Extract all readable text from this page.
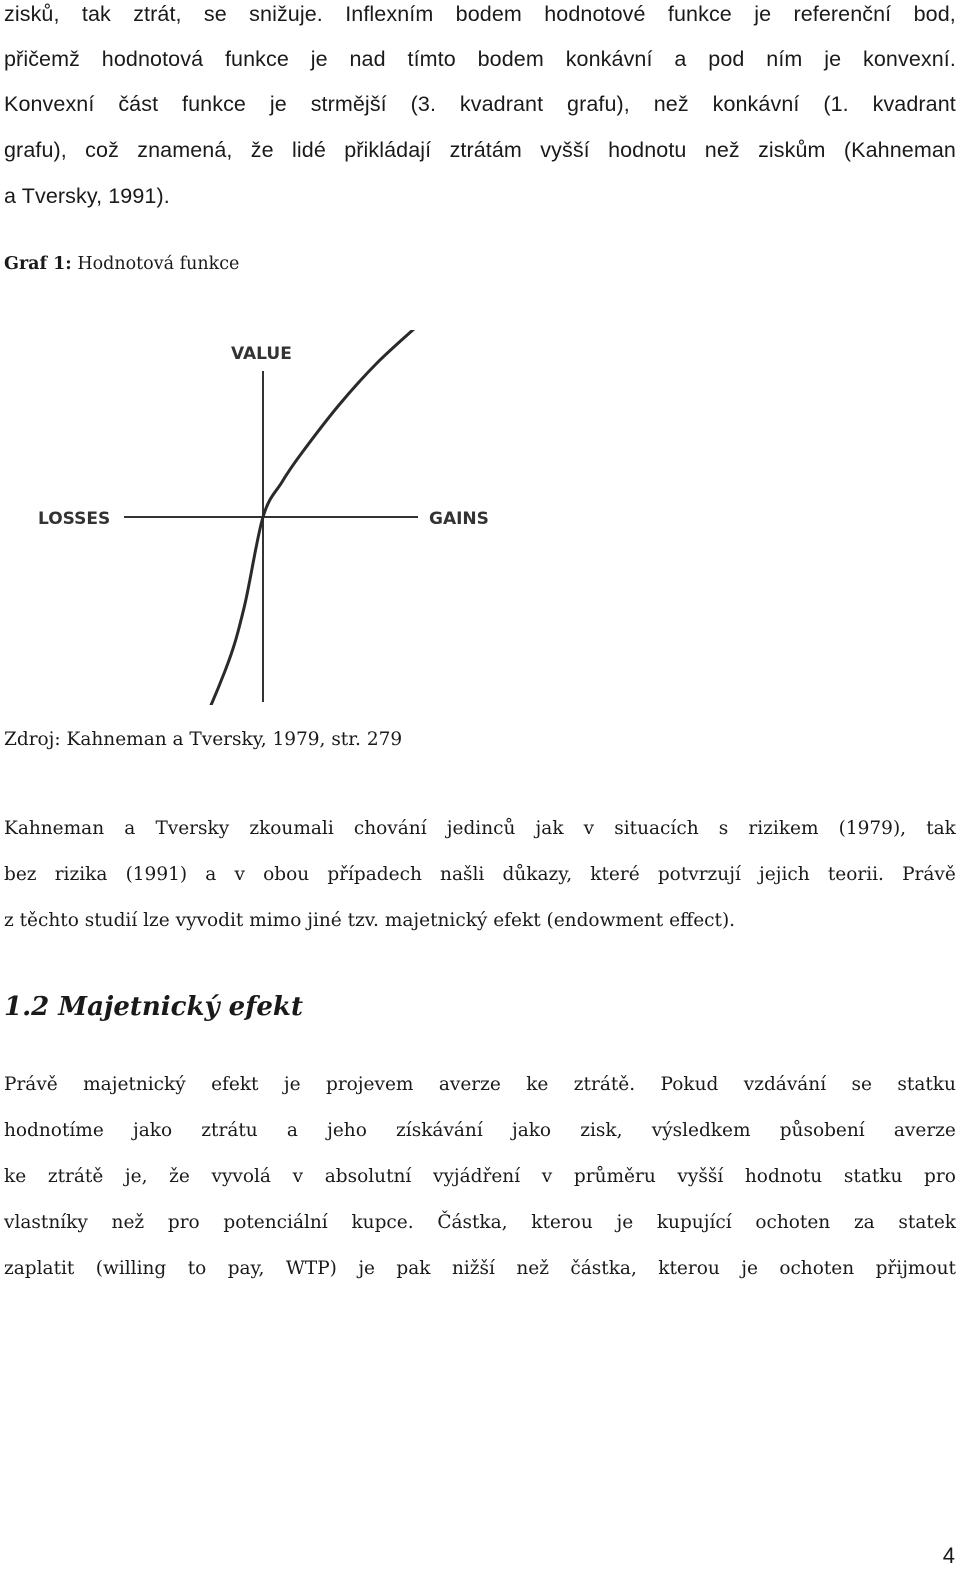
zisků, tak ztrát, se snižuje. Inflexním bodem hodnotové funkce je referenční bod,

přičemž hodnotová funkce je nad tímto bodem konkávní a pod ním je konvexní.

Konvexní část funkce je strmější (3. kvadrant grafu), než konkávní (1. kvadrant

grafu), což znamená, že lidé přikládají ztrátám vyšší hodnotu než ziskům (Kahneman

a Tversky, 1991).

Graf 1: Hodnotová funkce

VALUE
LOSSES	GAINS

Zdroj: Kahneman a Tversky, 1979, str. 279

Kahneman a Tversky zkoumali chování jedinců jak v situacích s rizikem (1979), tak

bez rizika (1991) a v obou případech našli důkazy, které potvrzují jejich teorii. Právě

z těchto studií lze vyvodit mimo jiné tzv. majetnický efekt (endowment effect).

1.2 Majetnický efekt

Právě majetnický efekt je projevem averze ke ztrátě. Pokud vzdávání se statku

hodnotíme jako ztrátu a jeho získávání jako zisk, výsledkem působení averze

ke ztrátě je, že vyvolá v absolutní vyjádření v průměru vyšší hodnotu statku pro

vlastníky než pro potenciální kupce. Částka, kterou je kupující ochoten za statek

zaplatit (willing to pay, WTP) je pak nižší než částka, kterou je ochoten přijmout

4
